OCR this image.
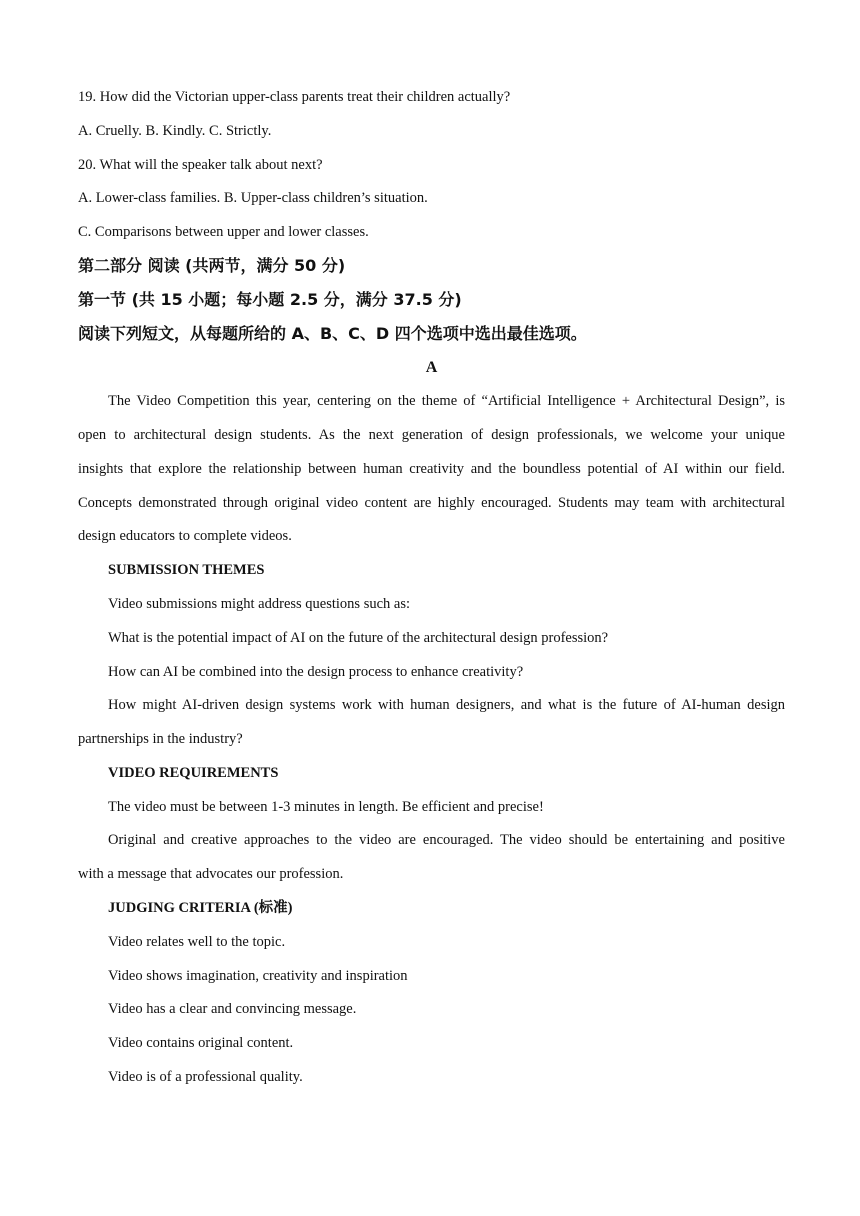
19. How did the Victorian upper-class parents treat their children actually?
A. Cruelly. B. Kindly. C. Strictly.
20. What will the speaker talk about next?
A. Lower-class families. B. Upper-class children’s situation.
C. Comparisons between upper and lower classes.
第二部分 阅读 (共两节，满分 50 分)
第一节 (共 15 小题；每小题 2.5 分，满分 37.5 分)
阅读下列短文，从每题所给的 A、B、C、D 四个选项中选出最佳选项。
A
The Video Competition this year, centering on the theme of “Artificial Intelligence + Architectural Design”, is
open to architectural design students. As the next generation of design professionals, we welcome your unique
insights that explore the relationship between human creativity and the boundless potential of AI within our field.
Concepts demonstrated through original video content are highly encouraged. Students may team with architectural
design educators to complete videos.
SUBMISSION THEMES
Video submissions might address questions such as:
What is the potential impact of AI on the future of the architectural design profession?
How can AI be combined into the design process to enhance creativity?
How might AI-driven design systems work with human designers, and what is the future of AI-human design
partnerships in the industry?
VIDEO REQUIREMENTS
The video must be between 1-3 minutes in length. Be efficient and precise!
Original and creative approaches to the video are encouraged. The video should be entertaining and positive
with a message that advocates our profession.
JUDGING CRITERIA (标准)
Video relates well to the topic.
Video shows imagination, creativity and inspiration
Video has a clear and convincing message.
Video contains original content.
Video is of a professional quality.
